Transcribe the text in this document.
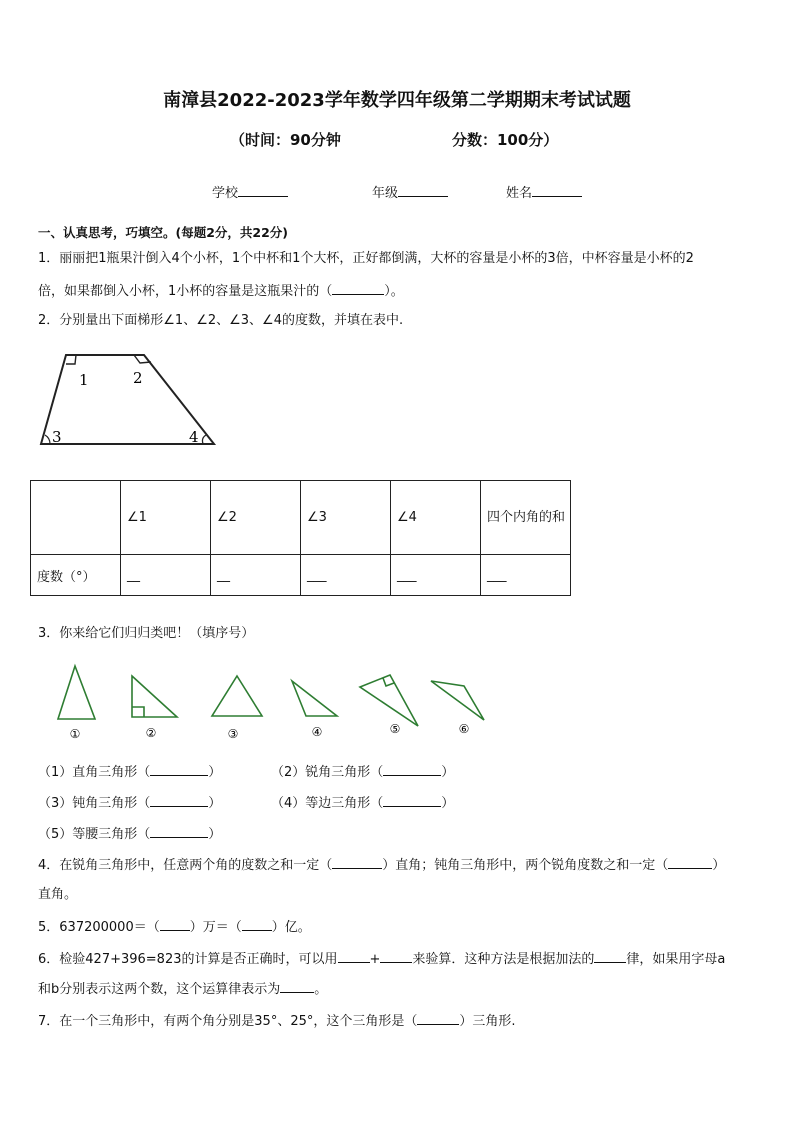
南漳县2022-2023学年数学四年级第二学期期末考试试题
（时间：90分钟	分数：100分）
学校	年级	姓名
一、认真思考，巧填空。(每题2分，共22分)
1．丽丽把1瓶果汁倒入4个小杯，1个中杯和1个大杯，正好都倒满，大杯的容量是小杯的3倍，中杯容量是小杯的2
倍，如果都倒入小杯，1小杯的容量是这瓶果汁的（	）。
2．分别量出下面梯形∠1、∠2、∠3、∠4的度数，并填在表中.
1	2
3	4
	∠1	∠2	∠3	∠4	四个内角的和
度数（°）	__	__	___	___	___
3．你来给它们归归类吧！（填序号）
①	②	③	④	⑤	⑥
（1）直角三角形（	）	（2）锐角三角形（	）
（3）钝角三角形（	）	（4）等边三角形（	）
（5）等腰三角形（	）
4．在锐角三角形中，任意两个角的度数之和一定（	）直角；钝角三角形中，两个锐角度数之和一定（	）
直角。
5．637200000＝（ ）万＝（ ）亿。
6．检验427+396=823的计算是否正确时，可以用 + 来验算．这种方法是根据加法的 律，如果用字母a
和b分别表示这两个数，这个运算律表示为	。
7．在一个三角形中，有两个角分别是35°、25°，这个三角形是（	）三角形.
